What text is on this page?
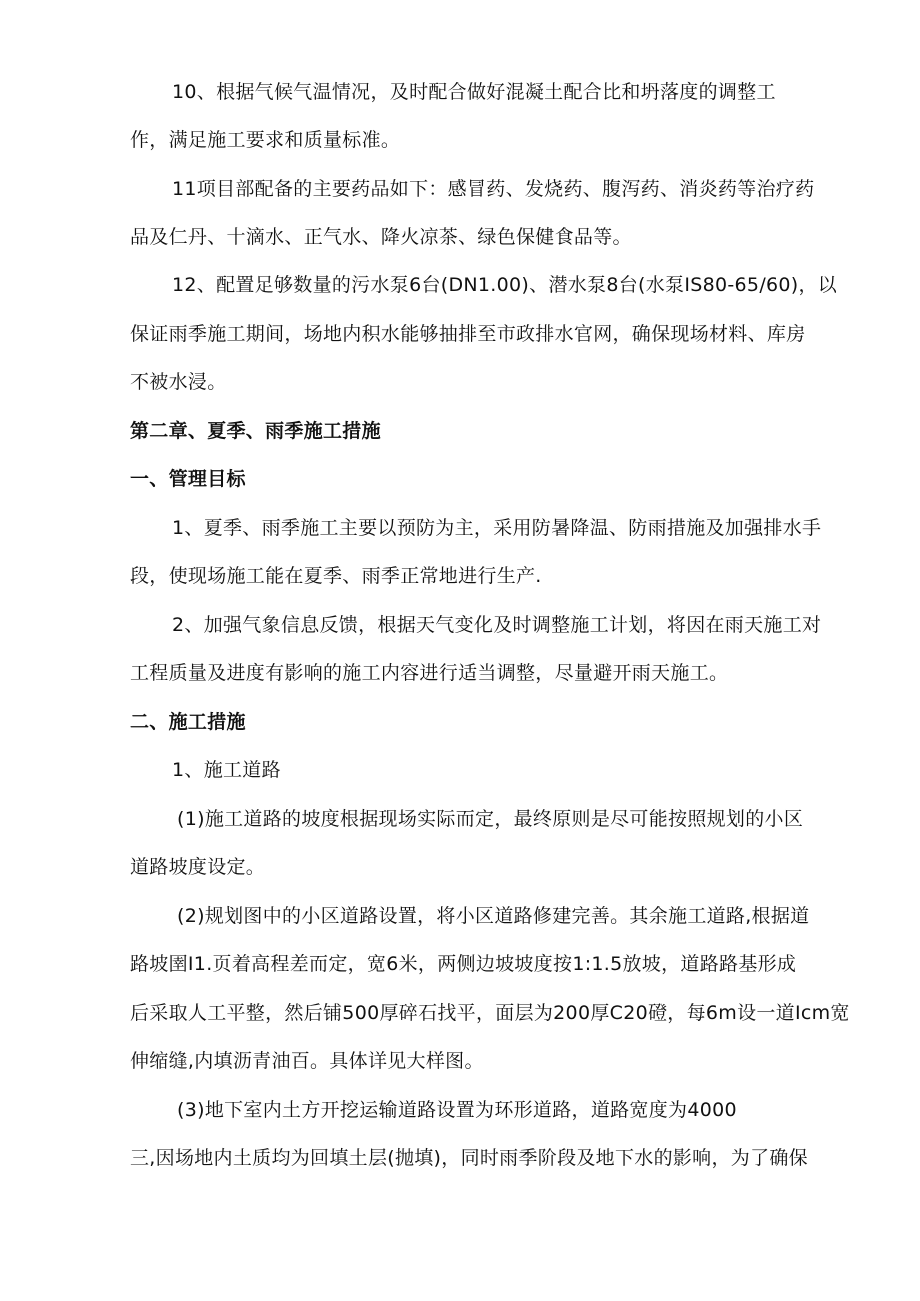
10、根据气候气温情况，及时配合做好混凝土配合比和坍落度的调整工
作，满足施工要求和质量标准。
11项目部配备的主要药品如下：感冒药、发烧药、腹泻药、消炎药等治疗药
品及仁丹、十滴水、正气水、降火凉茶、绿色保健食品等。
12、配置足够数量的污水泵6台(DN1.00)、潜水泵8台(水泵IS80-65/60)，以
保证雨季施工期间，场地内积水能够抽排至市政排水官网，确保现场材料、库房
不被水浸。
第二章、夏季、雨季施工措施
一、管理目标
1、夏季、雨季施工主要以预防为主，采用防暑降温、防雨措施及加强排水手
段，使现场施工能在夏季、雨季正常地进行生产.
2、加强气象信息反馈，根据天气变化及时调整施工计划，将因在雨天施工对
工程质量及进度有影响的施工内容进行适当调整，尽量避开雨天施工。
二、施工措施
1、施工道路
(1)施工道路的坡度根据现场实际而定，最终原则是尽可能按照规划的小区
道路坡度设定。
(2)规划图中的小区道路设置，将小区道路修建完善。其余施工道路,根据道
路坡圉I1.页着高程差而定，宽6米，两侧边坡坡度按1:1.5放坡，道路路基形成
后采取人工平整，然后铺500厚碎石找平，面层为200厚C20磴，每6m设一道Icm宽
伸缩缝,内填沥青油百。具体详见大样图。
(3)地下室内土方开挖运输道路设置为环形道路，道路宽度为4000
三,因场地内土质均为回填土层(抛填)，同时雨季阶段及地下水的影响，为了确保
